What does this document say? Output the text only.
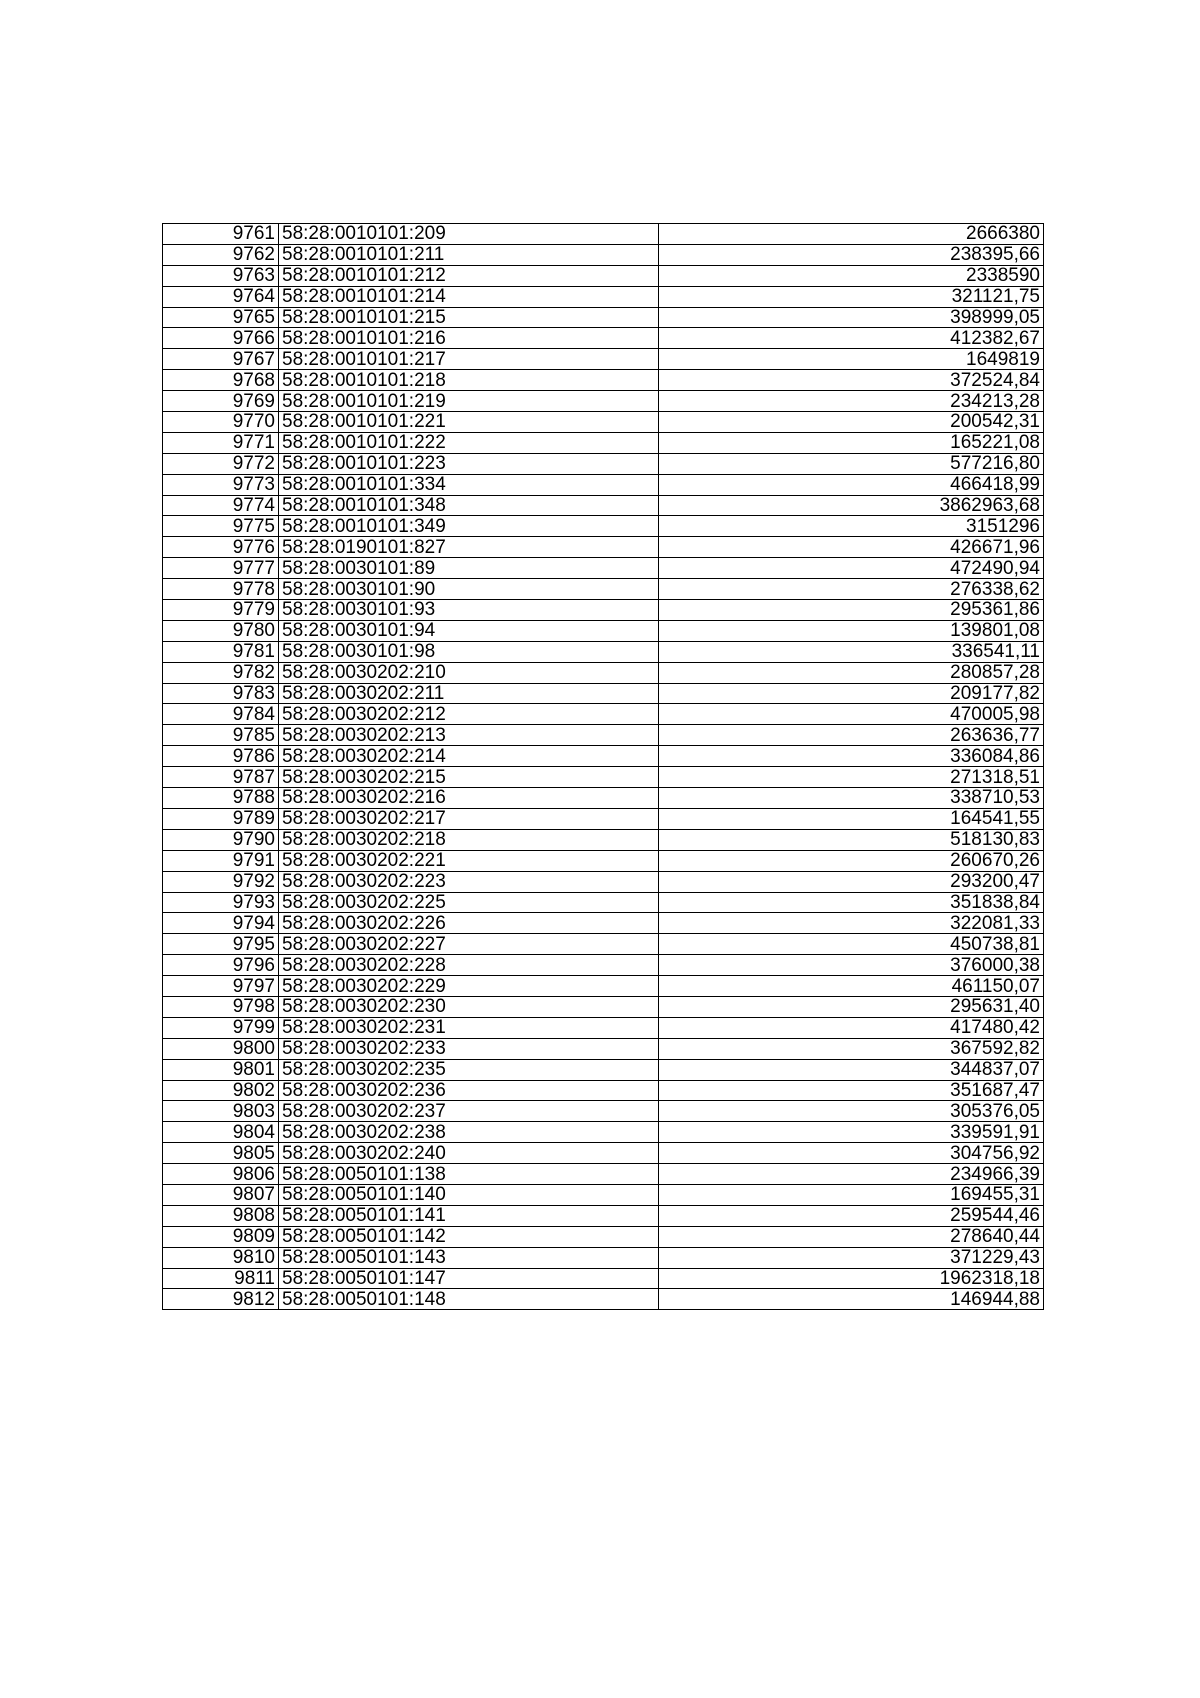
9761	58:28:0010101:209	2666380
9762	58:28:0010101:211	238395,66
9763	58:28:0010101:212	2338590
9764	58:28:0010101:214	321121,75
9765	58:28:0010101:215	398999,05
9766	58:28:0010101:216	412382,67
9767	58:28:0010101:217	1649819
9768	58:28:0010101:218	372524,84
9769	58:28:0010101:219	234213,28
9770	58:28:0010101:221	200542,31
9771	58:28:0010101:222	165221,08
9772	58:28:0010101:223	577216,80
9773	58:28:0010101:334	466418,99
9774	58:28:0010101:348	3862963,68
9775	58:28:0010101:349	3151296
9776	58:28:0190101:827	426671,96
9777	58:28:0030101:89	472490,94
9778	58:28:0030101:90	276338,62
9779	58:28:0030101:93	295361,86
9780	58:28:0030101:94	139801,08
9781	58:28:0030101:98	336541,11
9782	58:28:0030202:210	280857,28
9783	58:28:0030202:211	209177,82
9784	58:28:0030202:212	470005,98
9785	58:28:0030202:213	263636,77
9786	58:28:0030202:214	336084,86
9787	58:28:0030202:215	271318,51
9788	58:28:0030202:216	338710,53
9789	58:28:0030202:217	164541,55
9790	58:28:0030202:218	518130,83
9791	58:28:0030202:221	260670,26
9792	58:28:0030202:223	293200,47
9793	58:28:0030202:225	351838,84
9794	58:28:0030202:226	322081,33
9795	58:28:0030202:227	450738,81
9796	58:28:0030202:228	376000,38
9797	58:28:0030202:229	461150,07
9798	58:28:0030202:230	295631,40
9799	58:28:0030202:231	417480,42
9800	58:28:0030202:233	367592,82
9801	58:28:0030202:235	344837,07
9802	58:28:0030202:236	351687,47
9803	58:28:0030202:237	305376,05
9804	58:28:0030202:238	339591,91
9805	58:28:0030202:240	304756,92
9806	58:28:0050101:138	234966,39
9807	58:28:0050101:140	169455,31
9808	58:28:0050101:141	259544,46
9809	58:28:0050101:142	278640,44
9810	58:28:0050101:143	371229,43
9811	58:28:0050101:147	1962318,18
9812	58:28:0050101:148	146944,88
